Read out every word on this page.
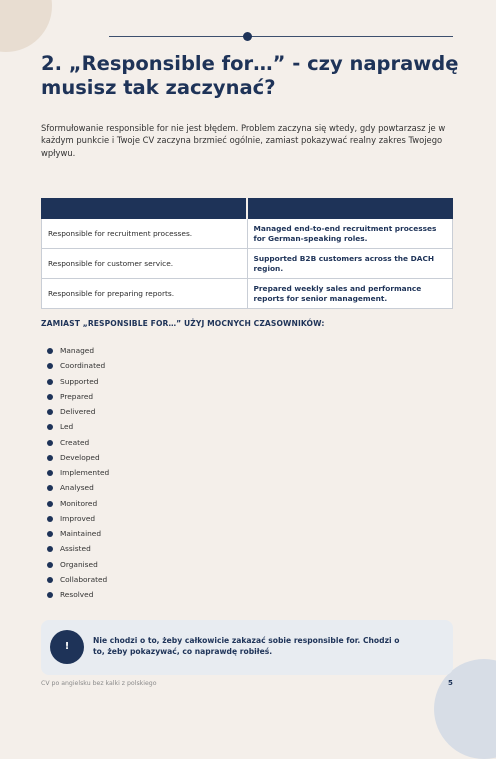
2. „Responsible for…” - czy naprawdę musisz tak zaczynać?

Sformułowanie responsible for nie jest błędem. Problem zaczyna się wtedy, gdy powtarzasz je w każdym punkcie i Twoje CV zaczyna brzmieć ogólnie, zamiast pokazywać realny zakres Twojego wpływu.

Responsible for recruitment processes.	Managed end-to-end recruitment processes for German-speaking roles.
Responsible for customer service.	Supported B2B customers across the DACH region.
Responsible for preparing reports.	Prepared weekly sales and performance reports for senior management.
ZAMIAST „RESPONSIBLE FOR…” UŻYJ MOCNYCH CZASOWNIKÓW:
Managed
Coordinated
Supported
Prepared
Delivered
Led
Created
Developed
Implemented
Analysed
Monitored
Improved
Maintained
Assisted
Organised
Collaborated
Resolved
!

Nie chodzi o to, żeby całkowicie zakazać sobie responsible for. Chodzi o to, żeby pokazywać, co naprawdę robiłeś.

CV po angielsku bez kalki z polskiego	5
